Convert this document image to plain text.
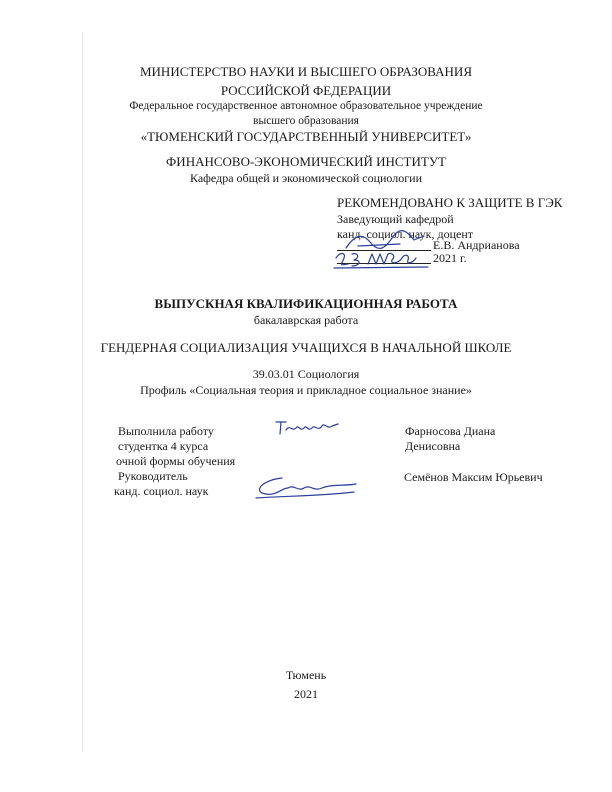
МИНИСТЕРСТВО НАУКИ И ВЫСШЕГО ОБРАЗОВАНИЯ
РОССИЙСКОЙ ФЕДЕРАЦИИ
Федеральное государственное автономное образовательное учреждение
высшего образования
«ТЮМЕНСКИЙ ГОСУДАРСТВЕННЫЙ УНИВЕРСИТЕТ»
ФИНАНСОВО-ЭКОНОМИЧЕСКИЙ ИНСТИТУТ
Кафедра общей и экономической социологии
РЕКОМЕНДОВАНО К ЗАЩИТЕ В ГЭК
Заведующий кафедрой
канд. социол. наук, доцент
Е.В. Андрианова
2021 г.
ВЫПУСКНАЯ КВАЛИФИКАЦИОННАЯ РАБОТА
бакалаврская работа
ГЕНДЕРНАЯ СОЦИАЛИЗАЦИЯ УЧАЩИХСЯ В НАЧАЛЬНОЙ ШКОЛЕ
39.03.01 Социология
Профиль «Социальная теория и прикладное социальное знание»
Выполнила работу
студентка 4 курса
очной формы обучения
Фарносова Диана
Денисовна
Руководитель
канд. социол. наук
Семёнов Максим Юрьевич
Тюмень
2021
